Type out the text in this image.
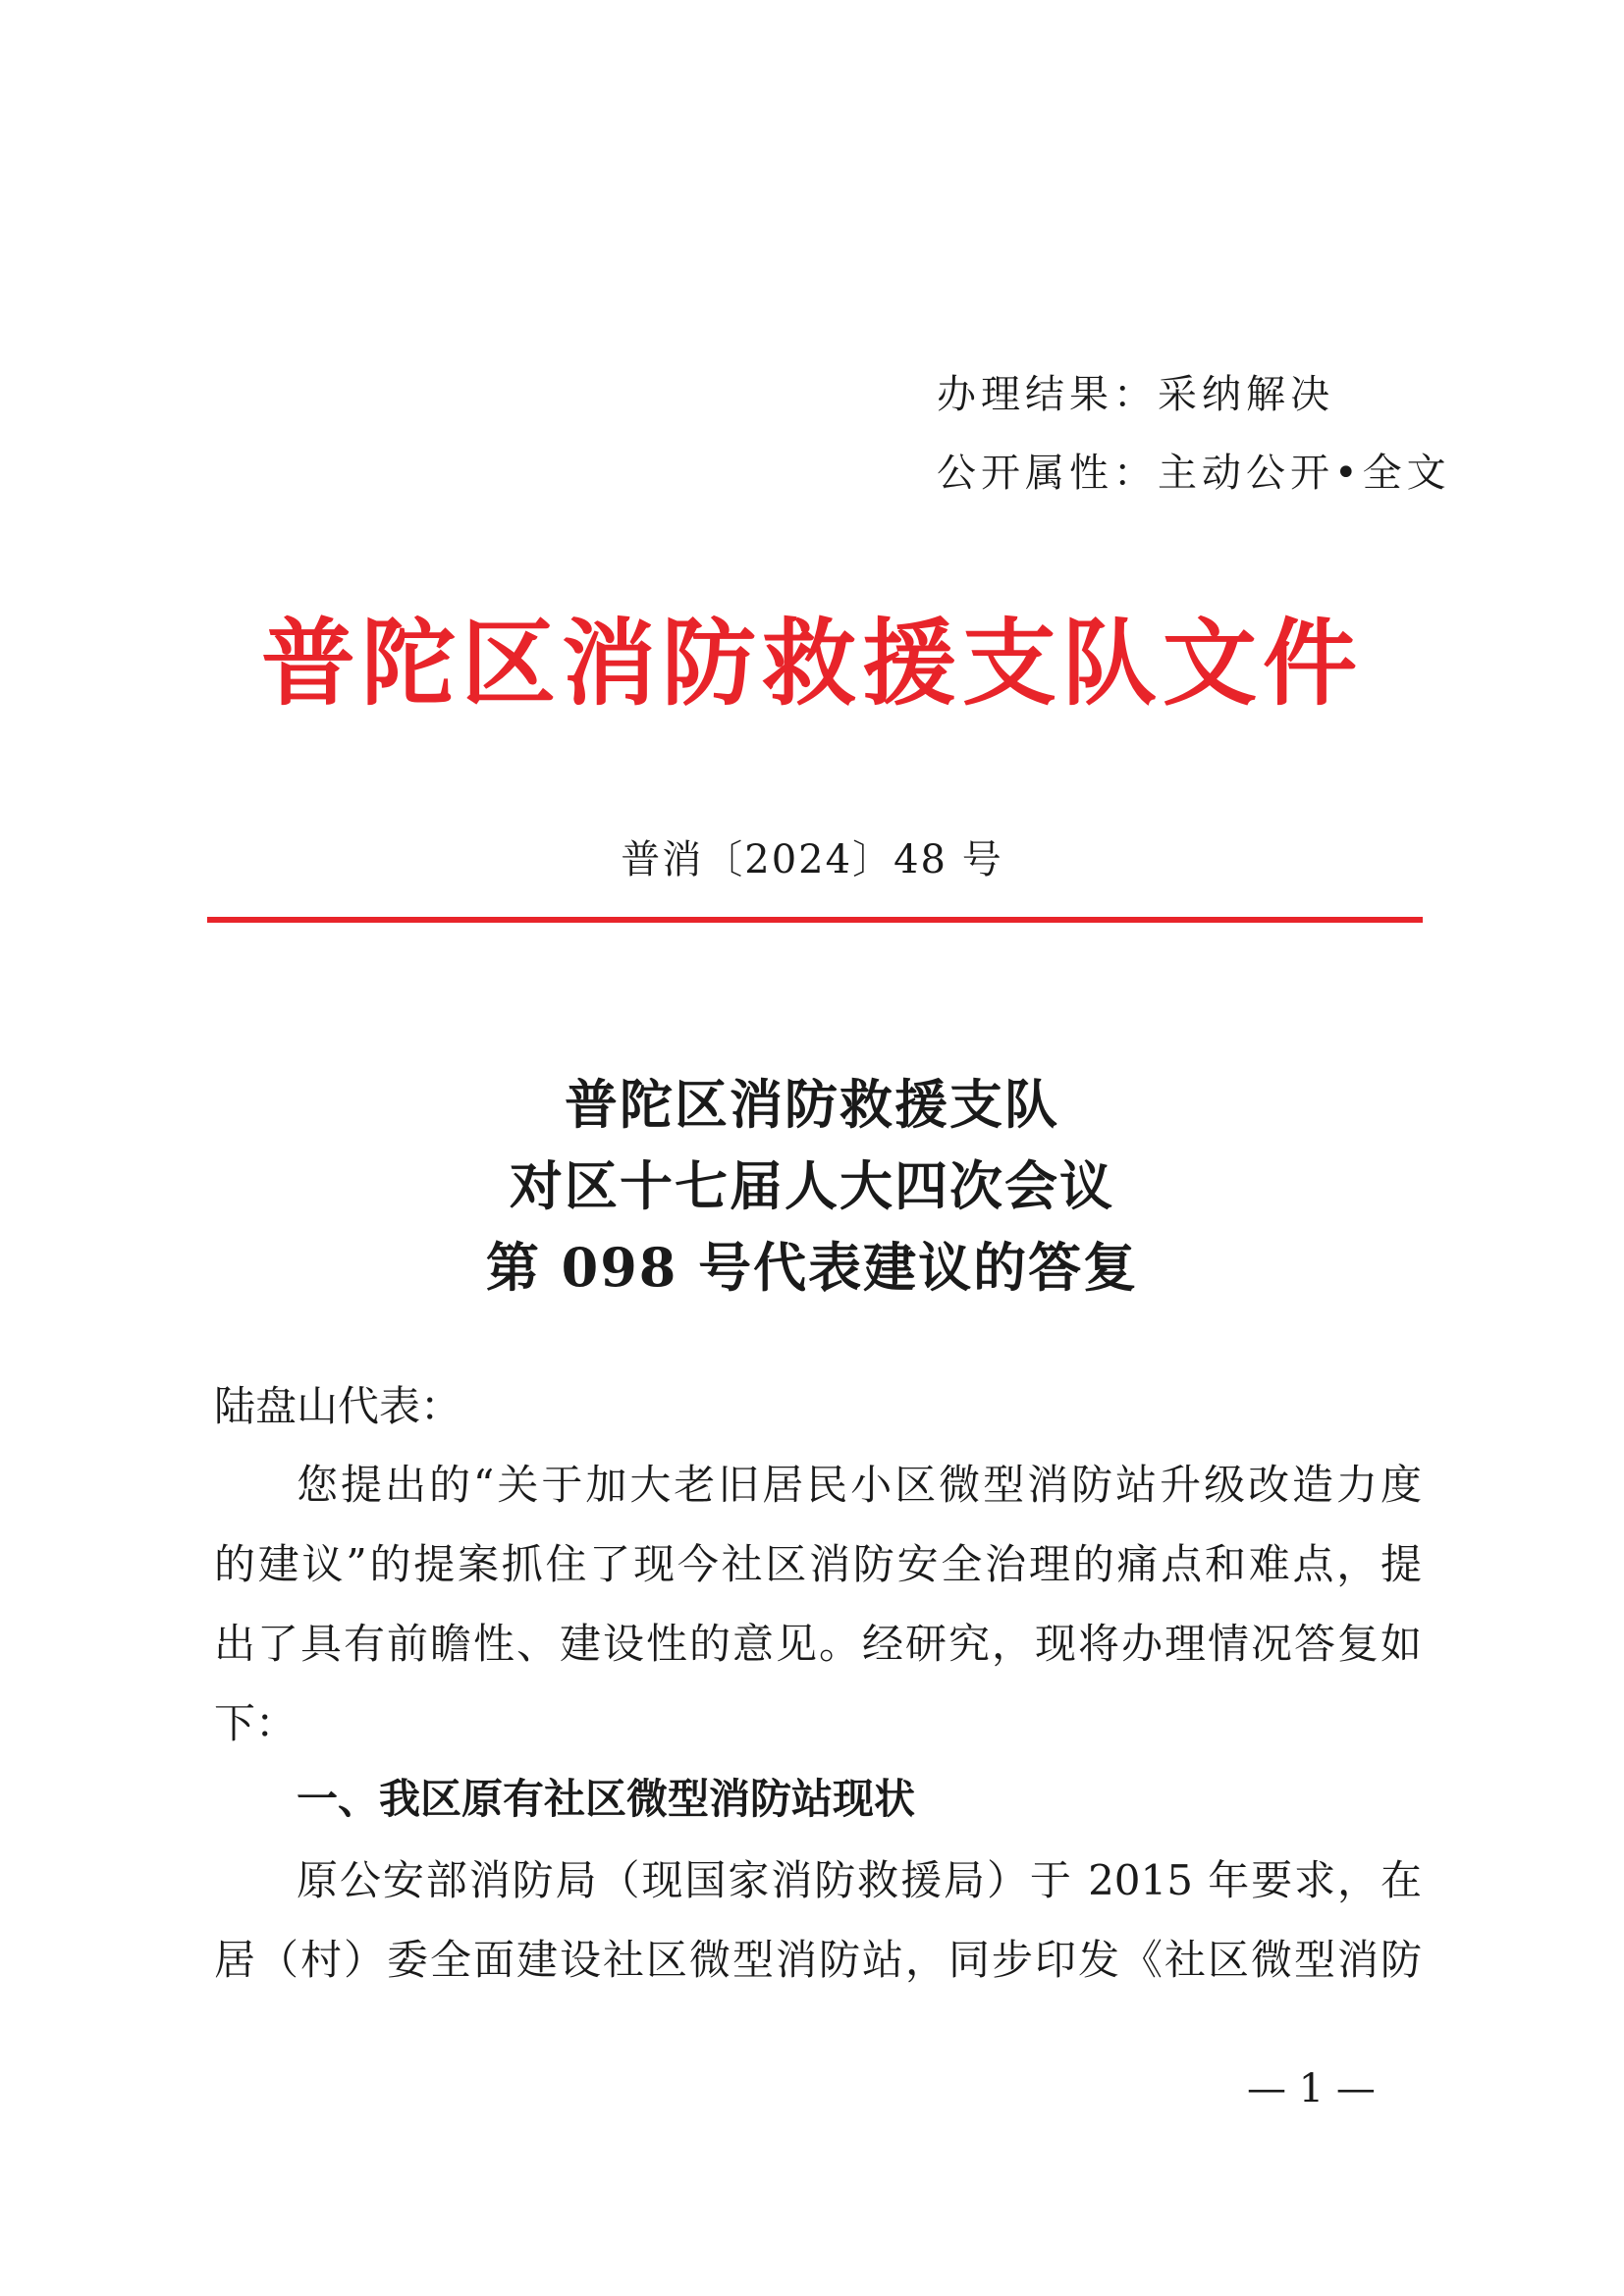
办理结果：采纳解决
公开属性：主动公开•全文
普陀区消防救援支队文件
普消〔2024〕48 号
普陀区消防救援支队
对区十七届人大四次会议
第 098 号代表建议的答复
陆盘山代表：
您提出的“关于加大老旧居民小区微型消防站升级改造力度
的建议”的提案抓住了现今社区消防安全治理的痛点和难点，提
出了具有前瞻性、建设性的意见。经研究，现将办理情况答复如
下：
一、我区原有社区微型消防站现状
原公安部消防局（现国家消防救援局）于 2015 年要求，在
居（村）委全面建设社区微型消防站，同步印发《社区微型消防
— 1 —
